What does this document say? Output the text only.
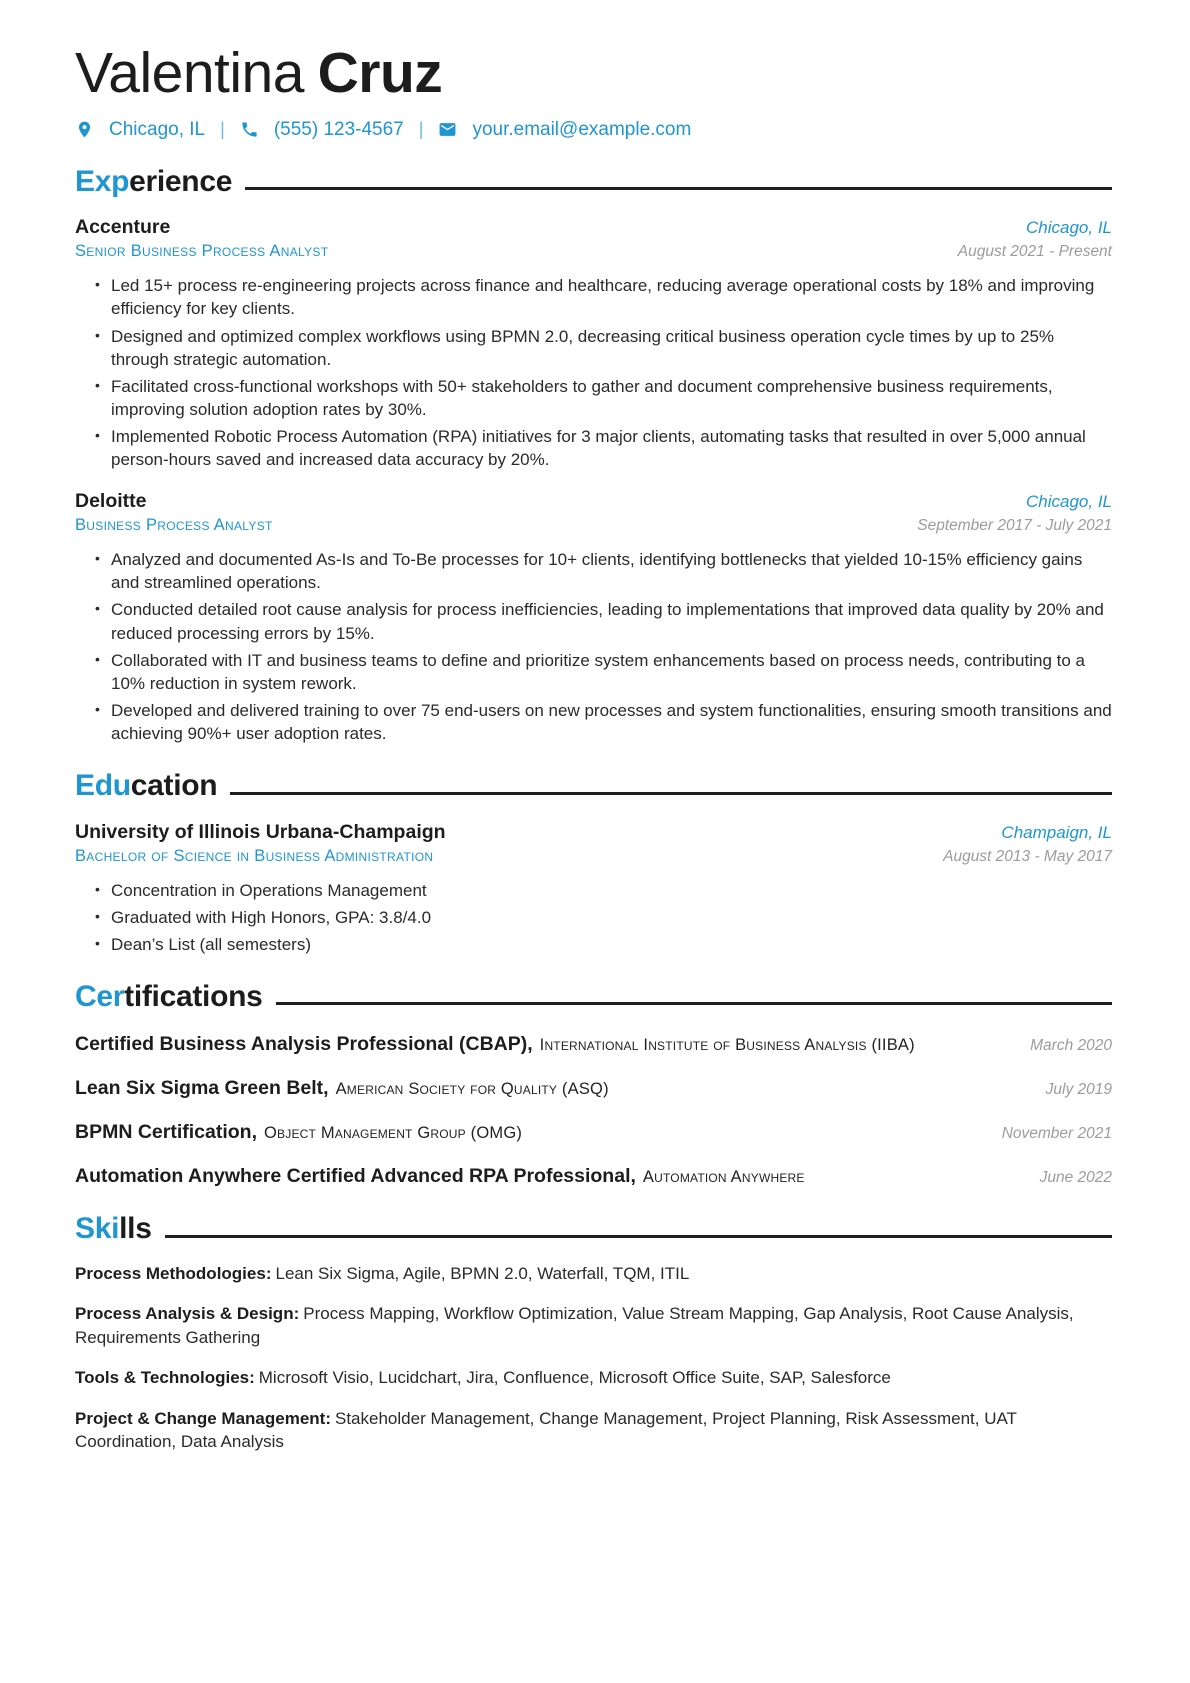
Valentina Cruz
Chicago, IL |	(555) 123-4567 |	your.email@example.com
Exp erience
Accenture	Chicago, IL
Senior Business Process Analyst	August 2021 - Present
• Led 15+ process re-engineering projects across finance and healthcare, reducing average operational costs by 18% and improving efficiency for key clients.
• Designed and optimized complex workflows using BPMN 2.0, decreasing critical business operation cycle times by up to 25% through strategic automation.
• Facilitated cross-functional workshops with 50+ stakeholders to gather and document comprehensive business requirements, improving solution adoption rates by 30%.
• Implemented Robotic Process Automation (RPA) initiatives for 3 major clients, automating tasks that resulted in over 5,000 annual person-hours saved and increased data accuracy by 20%.
Deloitte	Chicago, IL
Business Process Analyst	September 2017 - July 2021
• Analyzed and documented As-Is and To-Be processes for 10+ clients, identifying bottlenecks that yielded 10-15% efficiency gains and streamlined operations.
• Conducted detailed root cause analysis for process inefficiencies, leading to implementations that improved data quality by 20% and reduced processing errors by 15%.
• Collaborated with IT and business teams to define and prioritize system enhancements based on process needs, contributing to a 10% reduction in system rework.
• Developed and delivered training to over 75 end-users on new processes and system functionalities, ensuring smooth transitions and achieving 90%+ user adoption rates.
Edu cation
University of Illinois Urbana-Champaign	Champaign, IL
Bachelor of Science in Business Administration	August 2013 - May 2017
• Concentration in Operations Management
• Graduated with High Honors, GPA: 3.8/4.0
• Dean’s List (all semesters)
Cer tifications
Certified Business Analysis Professional (CBAP), International Institute of Business Analysis (IIBA)	March 2020
Lean Six Sigma Green Belt, American Society for Quality (ASQ)	July 2019
BPMN Certification, Object Management Group (OMG)	November 2021
Automation Anywhere Certified Advanced RPA Professional, Automation Anywhere	June 2022
Ski lls
Process Methodologies: Lean Six Sigma, Agile, BPMN 2.0, Waterfall, TQM, ITIL
Process Analysis & Design: Process Mapping, Workflow Optimization, Value Stream Mapping, Gap Analysis, Root Cause Analysis, Requirements Gathering
Tools & Technologies: Microsoft Visio, Lucidchart, Jira, Confluence, Microsoft Office Suite, SAP, Salesforce
Project & Change Management: Stakeholder Management, Change Management, Project Planning, Risk Assessment, UAT Coordination, Data Analysis
